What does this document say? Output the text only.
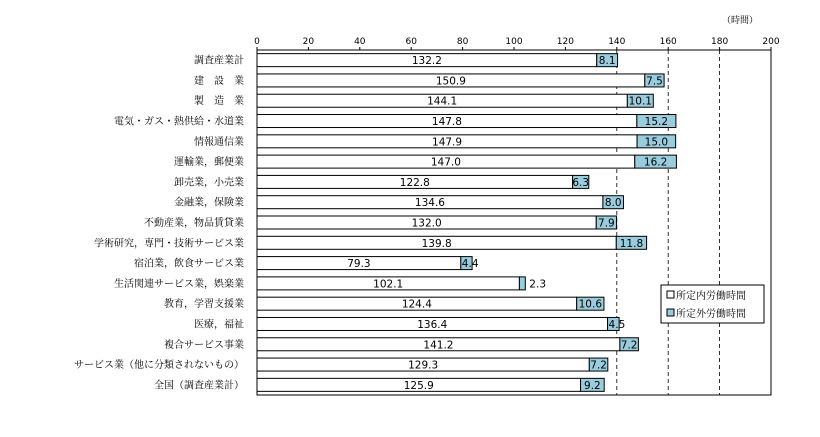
（時間）
0	20	40	60	80	100	120	140	160	180	200
調査産業計
建　設　業
製　造　業
電気・ガス・熱供給・水道業
情報通信業
運輸業，郵便業
卸売業，小売業
金融業，保険業
不動産業，物品賃貸業
学術研究，専門・技術サービス業
宿泊業，飲食サービス業
生活関連サービス業，娯楽業
教育，学習支援業
医療，福祉
複合サービス事業
サービス業（他に分類されないもの）
全国（調査産業計）
132.2	8.1
150.9	7.5
144.1	10.1
147.8	15.2
147.9	15.0
147.0	16.2
122.8	6.3
134.6	8.0
132.0	7.9
139.8	11.8
79.3	4.4
102.1	2.3
124.4	10.6
136.4	4.5
141.2	7.2
129.3	7.2
125.9	9.2
所定内労働時間
所定外労働時間
